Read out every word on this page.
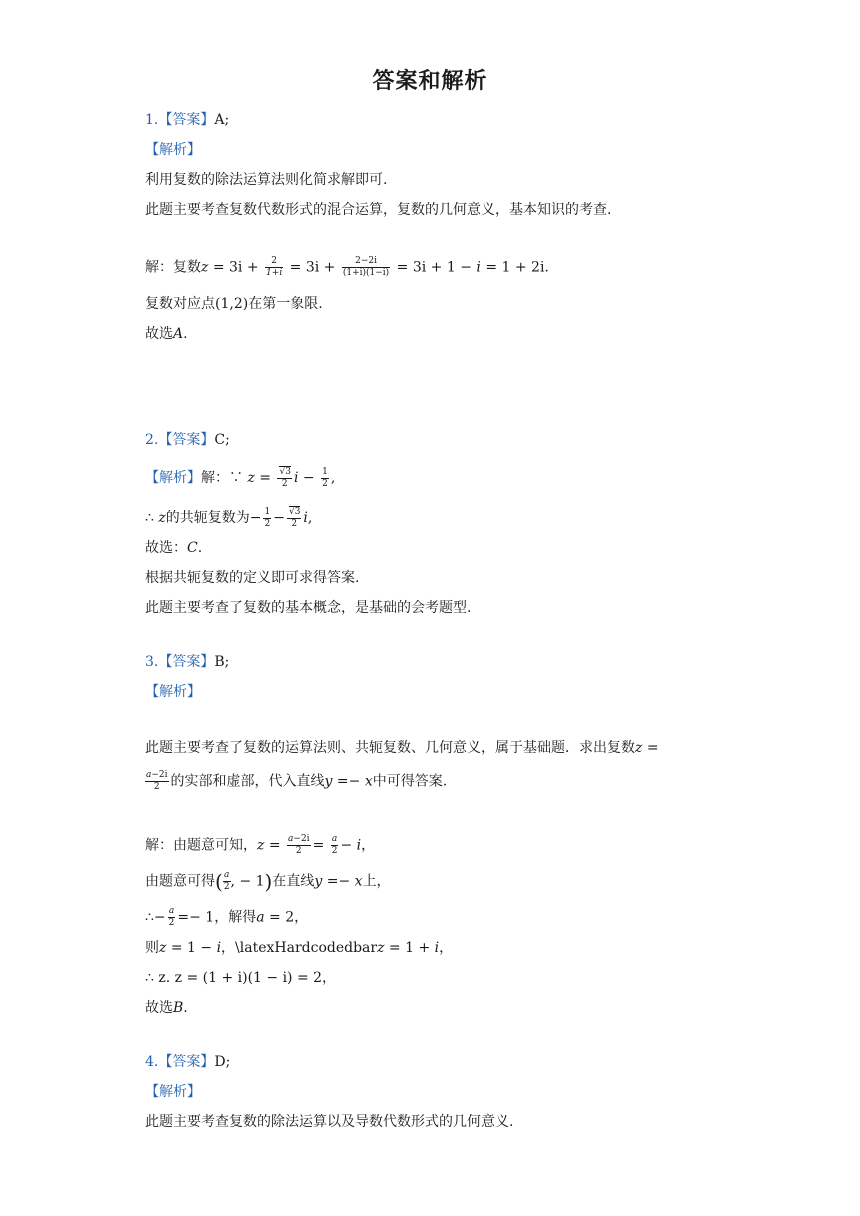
答案和解析
1.【答案】A;
【解析】
利用复数的除法运算法则化简求解即可.
此题主要考查复数代数形式的混合运算，复数的几何意义，基本知识的考查.
解：复数$z = 3i + \frac{2}{1+i} = 3i + \frac{2-2i}{(1+i)(1-i)} = 3i + 1 - i = 1 + 2i$.
复数对应点(1,2)在第一象限.
故选A.
2.【答案】C;
【解析】解：∵ $z = \frac{√3}{2}$ $i - \frac{1}{2}$ ,
∴ z的共轭复数为− $\frac{1}{2} - \frac{√3}{2} i$,
故选：C.
根据共轭复数的定义即可求得答案.
此题主要考查了复数的基本概念，是基础的会考题型.
3.【答案】B;
【解析】
此题主要考查了复数的运算法则、共轭复数、几何意义，属于基础题．求出复数z =
$\frac{a-2i}{2}$ 的实部和虚部，代入直线y =− x中可得答案.
解：由题意可知，$z = \frac{a-2i}{2} = \frac{a}{2} - i$，
由题意可得( $\frac{a}{2}$ , − 1)在直线y =− x上，
∴− $\frac{a}{2} =- 1$，解得a = 2，
则z = 1 − i，\latexHardcodedbarz = 1 + i，
∴ z. z = (1 + i)(1 − i) = 2，
故选B.
4.【答案】D;
【解析】
此题主要考查复数的除法运算以及导数代数形式的几何意义.
